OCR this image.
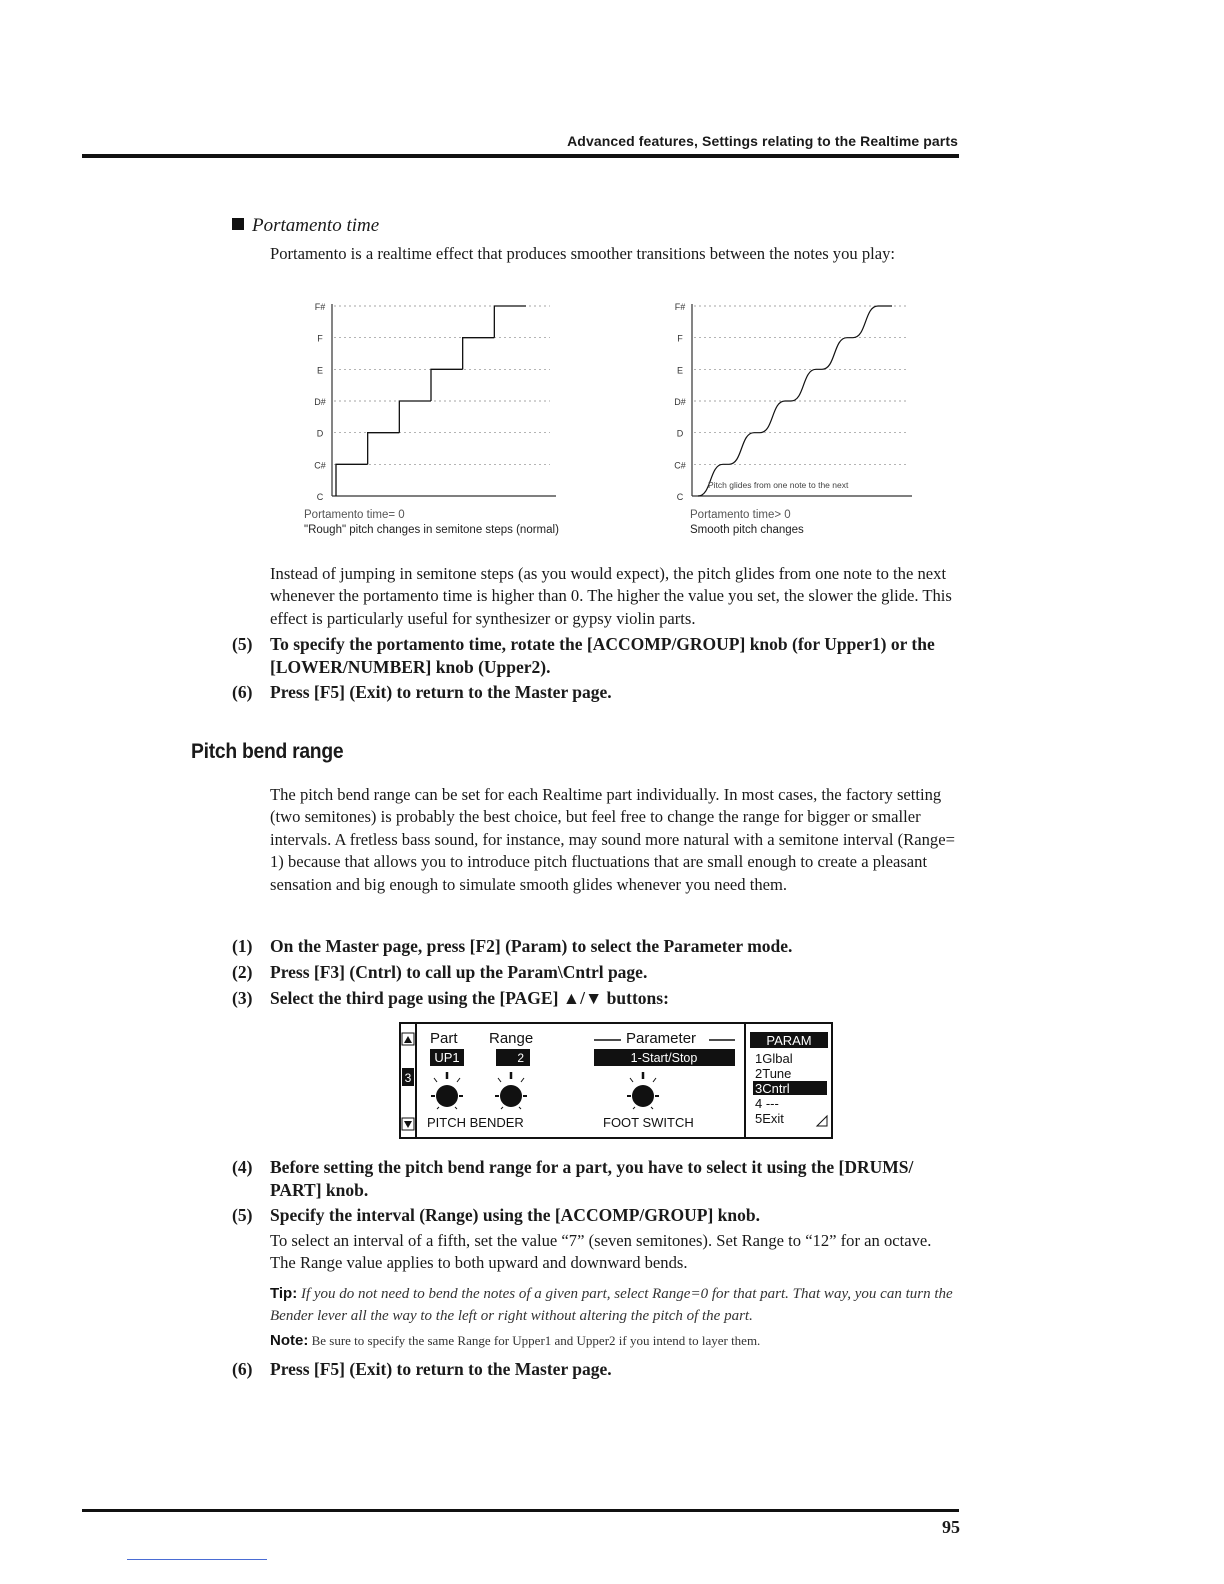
Advanced features, Settings relating to the Realtime parts
Portamento time
Portamento is a realtime effect that produces smoother transitions between the notes you play:
C
C#
D
D#
E
F
F#
Portamento time= 0
"Rough" pitch changes in semitone steps (normal)
C
C#
D
D#
E
F
F#
Pitch glides from one note to the next
Portamento time> 0
Smooth pitch changes
Instead of jumping in semitone steps (as you would expect), the pitch glides from one note to the next whenever the portamento time is higher than 0. The higher the value you set, the slower the glide. This effect is particularly useful for synthesizer or gypsy violin parts.
(5) To specify the portamento time, rotate the [ACCOMP/GROUP] knob (for Upper1) or the [LOWER/NUMBER] knob (Upper2).
(6) Press [F5] (Exit) to return to the Master page.
Pitch bend range
The pitch bend range can be set for each Realtime part individually. In most cases, the factory setting (two semitones) is probably the best choice, but feel free to change the range for bigger or smaller intervals. A fretless bass sound, for instance, may sound more natural with a semitone interval (Range= 1) because that allows you to introduce pitch fluctuations that are small enough to create a pleasant sensation and big enough to simulate smooth glides whenever you need them.
(1) On the Master page, press [F2] (Param) to select the Parameter mode.
(2) Press [F3] (Cntrl) to call up the Param\Cntrl page.
(3) Select the third page using the [PAGE] ▲/▼ buttons:
3
Part Range	Parameter
UP1	2	1-Start/Stop
PITCH BENDER	FOOT SWITCH
PARAM
1Glbal
2Tune
3Cntrl
4 ---
5Exit
(4) Before setting the pitch bend range for a part, you have to select it using the [DRUMS/ PART] knob.
(5) Specify the interval (Range) using the [ACCOMP/GROUP] knob.
To select an interval of a fifth, set the value “7” (seven semitones). Set Range to “12” for an octave. The Range value applies to both upward and downward bends.
Tip: If you do not need to bend the notes of a given part, select Range=0 for that part. That way, you can turn the Bender lever all the way to the left or right without altering the pitch of the part.
Note: Be sure to specify the same Range for Upper1 and Upper2 if you intend to layer them.
(6) Press [F5] (Exit) to return to the Master page.
95
